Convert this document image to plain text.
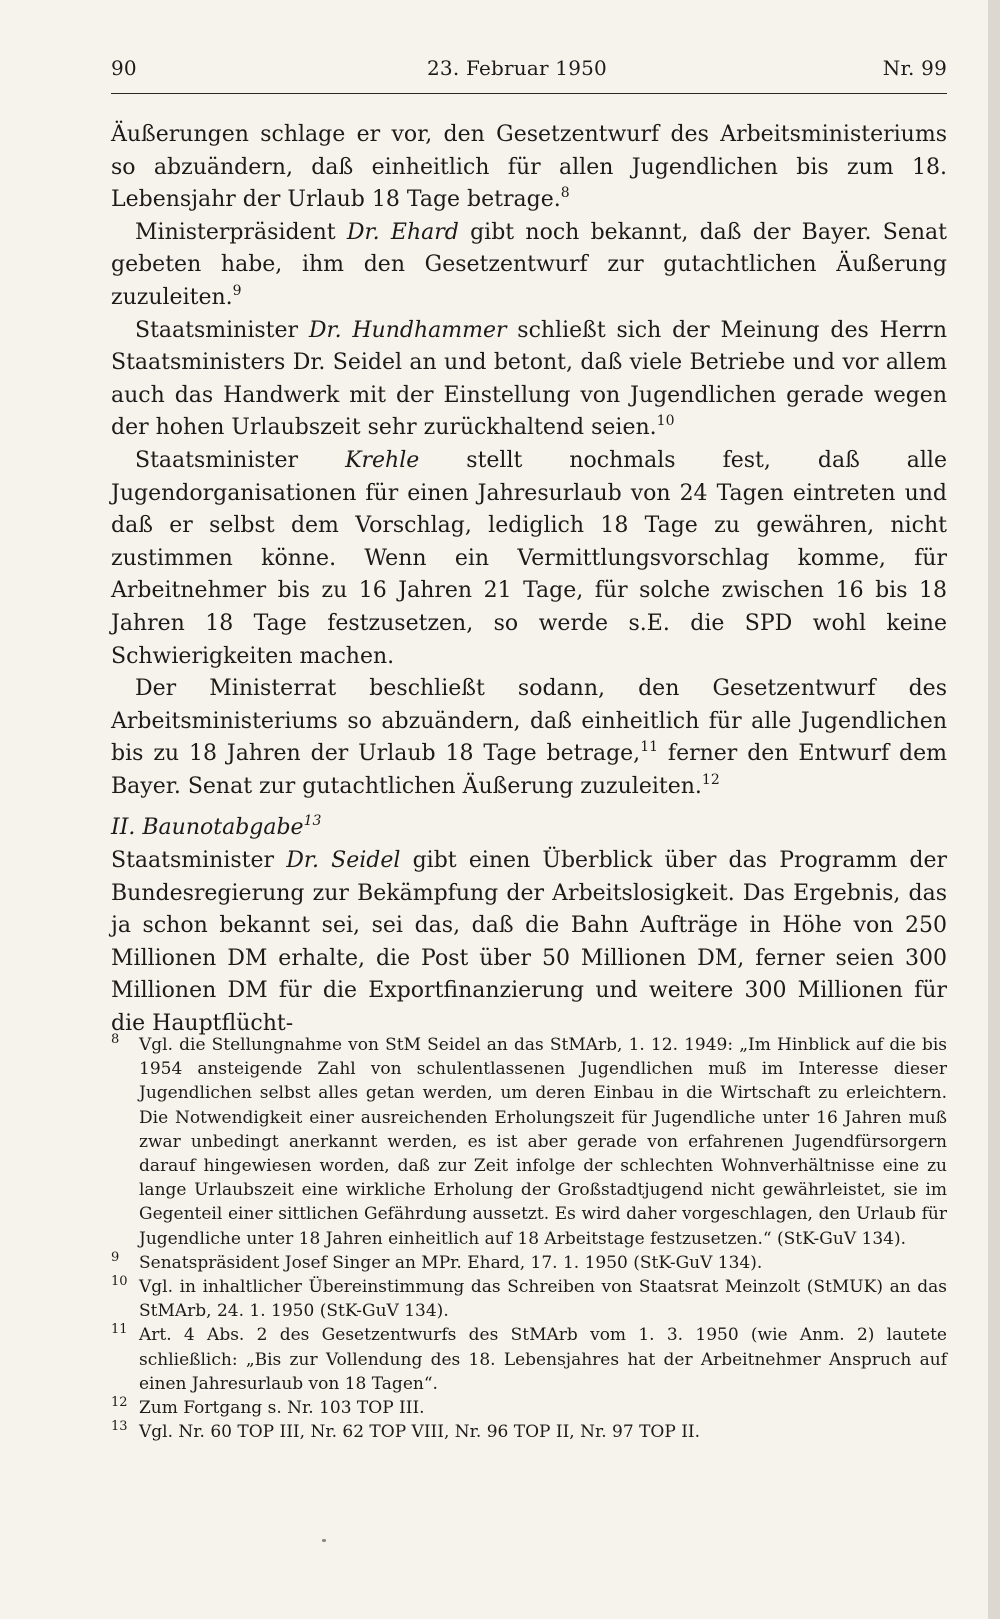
90	23. Februar 1950	Nr. 99

Äußerungen schlage er vor, den Gesetzentwurf des Arbeitsministeriums so abzuändern, daß einheitlich für allen Jugendlichen bis zum 18. Lebensjahr der Urlaub 18 Tage betrage.$^8$

Ministerpräsident Dr. Ehard gibt noch bekannt, daß der Bayer. Senat gebeten habe, ihm den Gesetzentwurf zur gutachtlichen Äußerung zuzuleiten.$^9$

Staatsminister Dr. Hundhammer schließt sich der Meinung des Herrn Staatsministers Dr. Seidel an und betont, daß viele Betriebe und vor allem auch das Handwerk mit der Einstellung von Jugendlichen gerade wegen der hohen Urlaubszeit sehr zurückhaltend seien.$^{10}$

Staatsminister Krehle stellt nochmals fest, daß alle Jugendorganisationen für einen Jahresurlaub von 24 Tagen eintreten und daß er selbst dem Vorschlag, lediglich 18 Tage zu gewähren, nicht zustimmen könne. Wenn ein Vermittlungsvorschlag komme, für Arbeitnehmer bis zu 16 Jahren 21 Tage, für solche zwischen 16 bis 18 Jahren 18 Tage festzusetzen, so werde s.E. die SPD wohl keine Schwierigkeiten machen.

Der Ministerrat beschließt sodann, den Gesetzentwurf des Arbeitsministeriums so abzuändern, daß einheitlich für alle Jugendlichen bis zu 18 Jahren der Urlaub 18 Tage betrage,$^{11}$ ferner den Entwurf dem Bayer. Senat zur gutachtlichen Äußerung zuzuleiten.$^{12}$

II. Baunotabgabe$^{13}$

Staatsminister Dr. Seidel gibt einen Überblick über das Programm der Bundesregierung zur Bekämpfung der Arbeitslosigkeit. Das Ergebnis, das ja schon bekannt sei, sei das, daß die Bahn Aufträge in Höhe von 250 Millionen DM erhalte, die Post über 50 Millionen DM, ferner seien 300 Millionen DM für die Exportfinanzierung und weitere 300 Millionen für die Hauptflücht-

8	Vgl. die Stellungnahme von StM Seidel an das StMArb, 1. 12. 1949: „Im Hinblick auf die bis 1954 ansteigende Zahl von schulentlassenen Jugendlichen muß im Interesse dieser Jugendlichen selbst alles getan werden, um deren Einbau in die Wirtschaft zu erleichtern. Die Notwendigkeit einer ausreichenden Erholungszeit für Jugendliche unter 16 Jahren muß zwar unbedingt anerkannt werden, es ist aber gerade von erfahrenen Jugendfürsorgern darauf hingewiesen worden, daß zur Zeit infolge der schlechten Wohnverhältnisse eine zu lange Urlaubszeit eine wirkliche Erholung der Großstadtjugend nicht gewährleistet, sie im Gegenteil einer sittlichen Gefährdung aussetzt. Es wird daher vorgeschlagen, den Urlaub für Jugendliche unter 18 Jahren einheitlich auf 18 Arbeitstage festzusetzen.“ (StK-GuV 134).
9	Senatspräsident Josef Singer an MPr. Ehard, 17. 1. 1950 (StK-GuV 134).
10 Vgl. in inhaltlicher Übereinstimmung das Schreiben von Staatsrat Meinzolt (StMUK) an das StMArb, 24. 1. 1950 (StK-GuV 134).
11 Art. 4 Abs. 2 des Gesetzentwurfs des StMArb vom 1. 3. 1950 (wie Anm. 2) lautete schließlich: „Bis zur Vollendung des 18. Lebensjahres hat der Arbeitnehmer Anspruch auf einen Jahresurlaub von 18 Tagen“.
12 Zum Fortgang s. Nr. 103 TOP III.
13 Vgl. Nr. 60 TOP III, Nr. 62 TOP VIII, Nr. 96 TOP II, Nr. 97 TOP II.
